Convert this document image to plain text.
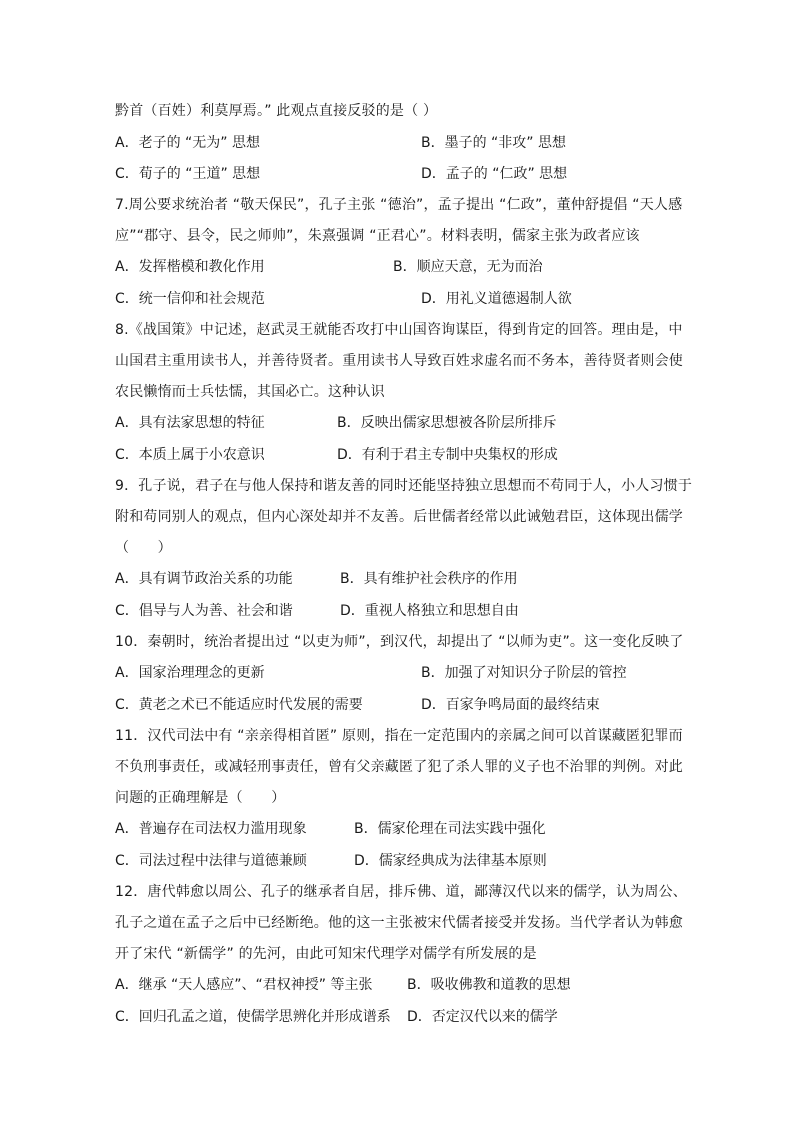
黔首（百姓）利莫厚焉。” 此观点直接反驳的是（ ）
A．老子的 “无为” 思想	B．墨子的 “非攻” 思想
C．荀子的 “王道” 思想	D．孟子的 “仁政” 思想
7.周公要求统治者 “敬天保民”，孔子主张 “德治”，孟子提出 “仁政”，董仲舒提倡 “天人感
应”“郡守、县令，民之师帅”，朱熹强调 “正君心”。材料表明，儒家主张为政者应该
A．发挥楷模和教化作用	B．顺应天意，无为而治
C．统一信仰和社会规范	D．用礼义道德遏制人欲
8.《战国策》中记述，赵武灵王就能否攻打中山国咨询谋臣，得到肯定的回答。理由是，中
山国君主重用读书人，并善待贤者。重用读书人导致百姓求虚名而不务本，善待贤者则会使
农民懒惰而士兵怯懦，其国必亡。这种认识
A．具有法家思想的特征	B．反映出儒家思想被各阶层所排斥
C．本质上属于小农意识	D．有利于君主专制中央集权的形成
9．孔子说，君子在与他人保持和谐友善的同时还能坚持独立思想而不苟同于人，小人习惯于
附和苟同别人的观点，但内心深处却并不友善。后世儒者经常以此诫勉君臣，这体现出儒学
（　　）
A．具有调节政治关系的功能	B．具有维护社会秩序的作用
C．倡导与人为善、社会和谐	D．重视人格独立和思想自由
10．秦朝时，统治者提出过 “以吏为师”，到汉代，却提出了 “以师为吏”。这一变化反映了
A．国家治理理念的更新	B．加强了对知识分子阶层的管控
C．黄老之术已不能适应时代发展的需要	D．百家争鸣局面的最终结束
11．汉代司法中有 “亲亲得相首匿” 原则，指在一定范围内的亲属之间可以首谋藏匿犯罪而
不负刑事责任，或减轻刑事责任，曾有父亲藏匿了犯了杀人罪的义子也不治罪的判例。对此
问题的正确理解是（　　）
A．普遍存在司法权力滥用现象	B．儒家伦理在司法实践中强化
C．司法过程中法律与道德兼顾	D．儒家经典成为法律基本原则
12．唐代韩愈以周公、孔子的继承者自居，排斥佛、道，鄙薄汉代以来的儒学，认为周公、
孔子之道在孟子之后中已经断绝。他的这一主张被宋代儒者接受并发扬。当代学者认为韩愈
开了宋代 “新儒学” 的先河，由此可知宋代理学对儒学有所发展的是
A．继承 “天人感应”、“君权神授” 等主张 B．吸收佛教和道教的思想
C．回归孔孟之道，使儒学思辨化并形成谱系 D．否定汉代以来的儒学
